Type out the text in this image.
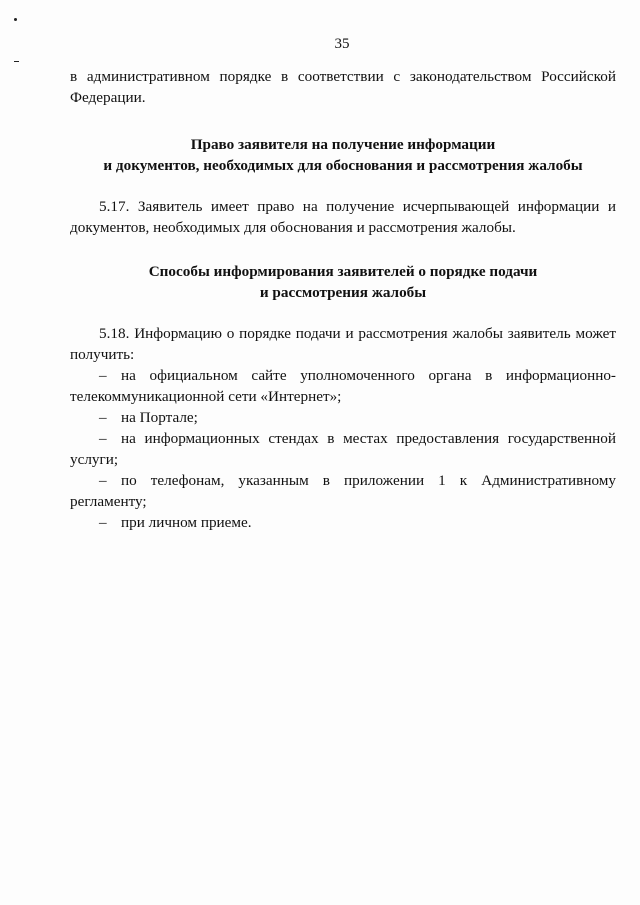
35

в административном порядке в соответствии с законодательством Российской Федерации.

Право заявителя на получение информации

и документов, необходимых для обоснования и рассмотрения жалобы

5.17. Заявитель имеет право на получение исчерпывающей информации и документов, необходимых для обоснования и рассмотрения жалобы.

Способы информирования заявителей о порядке подачи

и рассмотрения жалобы

5.18. Информацию о порядке подачи и рассмотрения жалобы заявитель может получить:

– на официальном сайте уполномоченного органа в информационно-телекоммуникационной сети «Интернет»;

– на Портале;

– на информационных стендах в местах предоставления государственной услуги;

– по телефонам, указанным в приложении 1 к Административному регламенту;

– при личном приеме.
